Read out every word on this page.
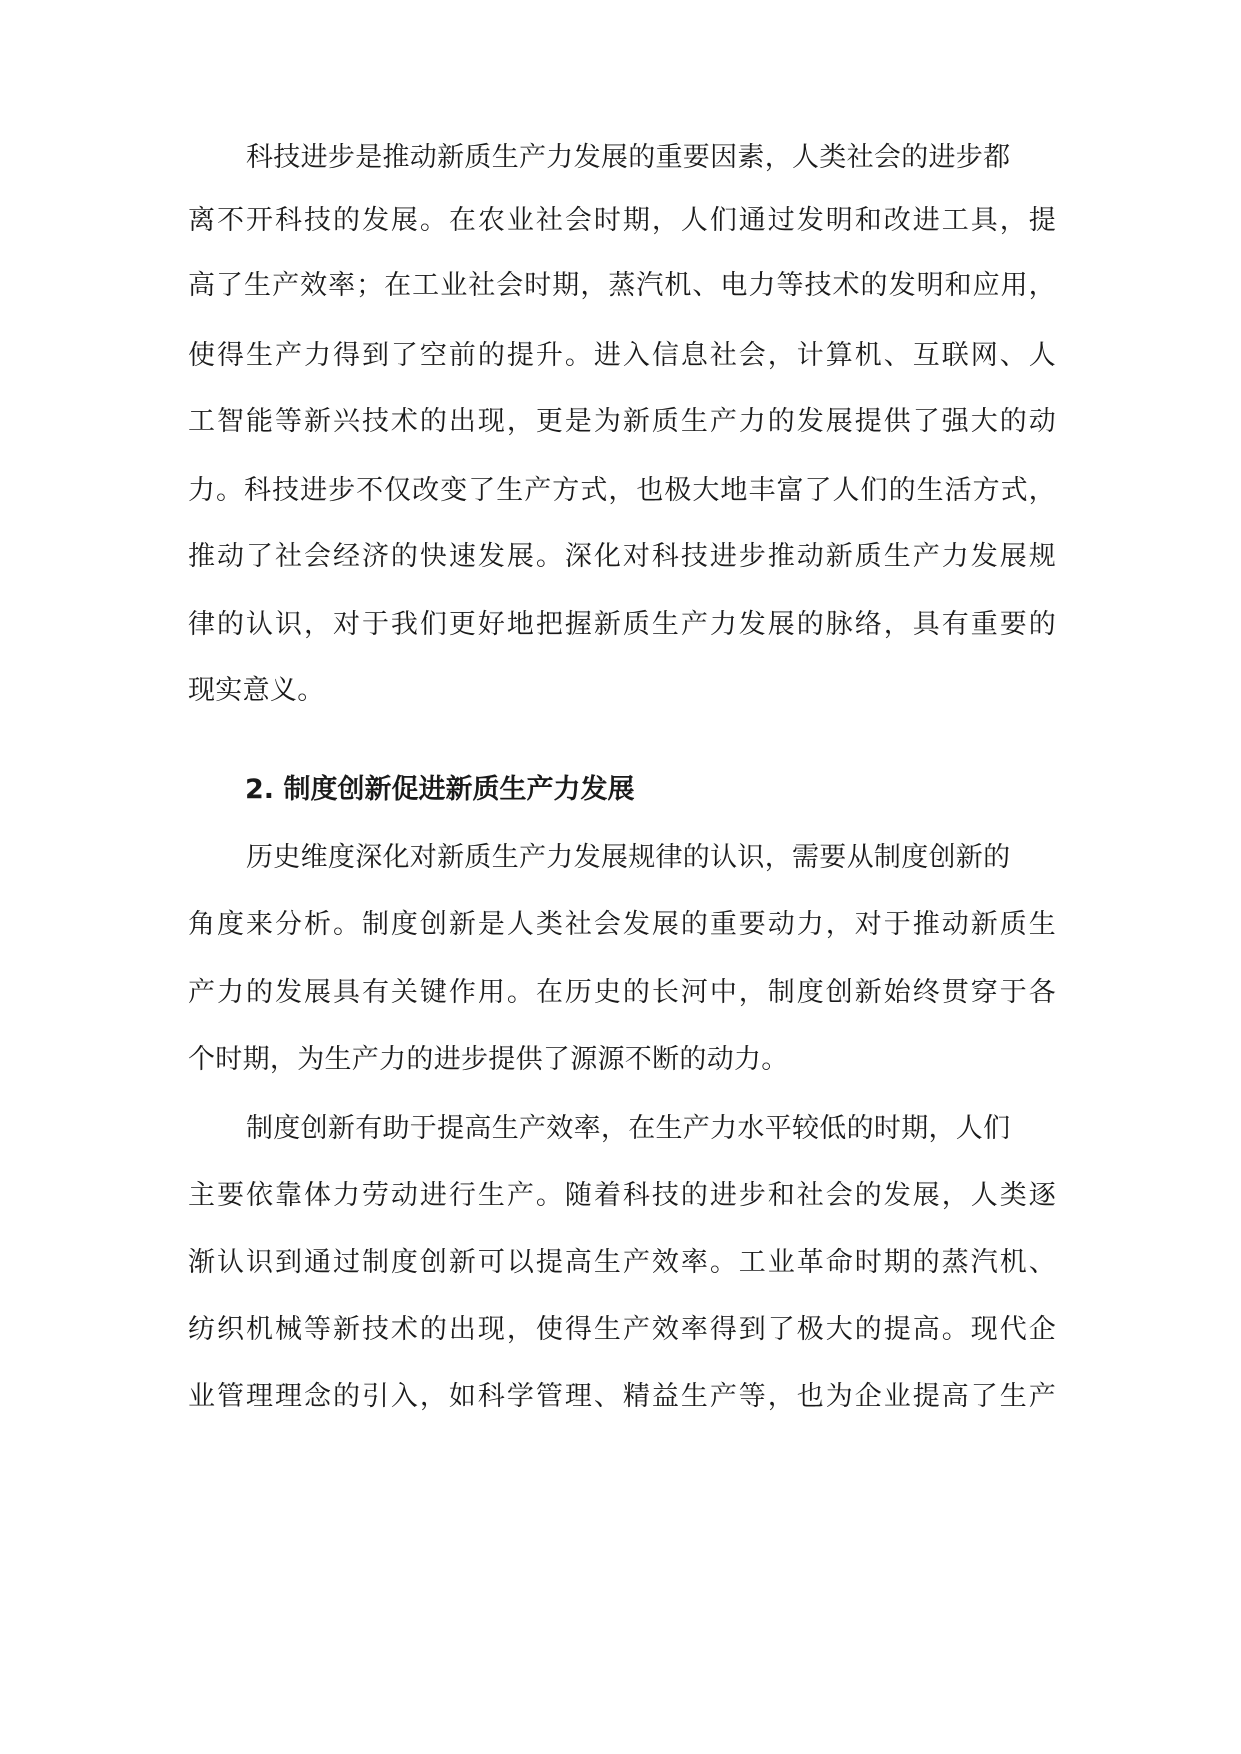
科技进步是推动新质生产力发展的重要因素，人类社会的进步都
离不开科技的发展。在农业社会时期，人们通过发明和改进工具，提
高了生产效率；在工业社会时期，蒸汽机、电力等技术的发明和应用，
使得生产力得到了空前的提升。进入信息社会，计算机、互联网、人
工智能等新兴技术的出现，更是为新质生产力的发展提供了强大的动
力。科技进步不仅改变了生产方式，也极大地丰富了人们的生活方式，
推动了社会经济的快速发展。深化对科技进步推动新质生产力发展规
律的认识，对于我们更好地把握新质生产力发展的脉络，具有重要的
现实意义。
2. 制度创新促进新质生产力发展
历史维度深化对新质生产力发展规律的认识，需要从制度创新的
角度来分析。制度创新是人类社会发展的重要动力，对于推动新质生
产力的发展具有关键作用。在历史的长河中，制度创新始终贯穿于各
个时期，为生产力的进步提供了源源不断的动力。
制度创新有助于提高生产效率，在生产力水平较低的时期，人们
主要依靠体力劳动进行生产。随着科技的进步和社会的发展，人类逐
渐认识到通过制度创新可以提高生产效率。工业革命时期的蒸汽机、
纺织机械等新技术的出现，使得生产效率得到了极大的提高。现代企
业管理理念的引入，如科学管理、精益生产等，也为企业提高了生产
